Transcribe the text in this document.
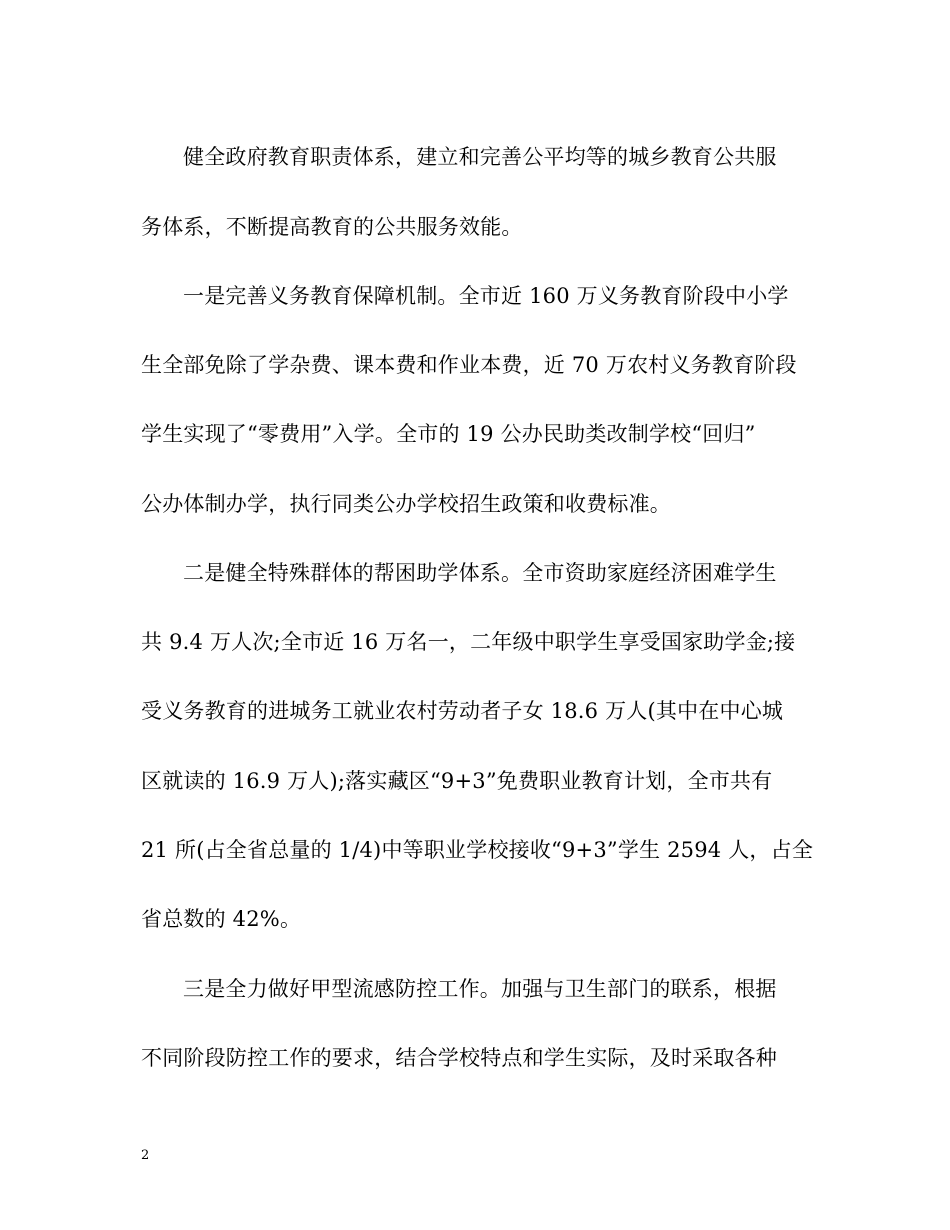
健全政府教育职责体系，建立和完善公平均等的城乡教育公共服
务体系，不断提高教育的公共服务效能。
一是完善义务教育保障机制。全市近 160 万义务教育阶段中小学
生全部免除了学杂费、课本费和作业本费，近 70 万农村义务教育阶段
学生实现了“零费用”入学。全市的 19 公办民助类改制学校“回归”
公办体制办学，执行同类公办学校招生政策和收费标准。
二是健全特殊群体的帮困助学体系。全市资助家庭经济困难学生
共 9.4 万人次;全市近 16 万名一，二年级中职学生享受国家助学金;接
受义务教育的进城务工就业农村劳动者子女 18.6 万人(其中在中心城
区就读的 16.9 万人);落实藏区“9+3”免费职业教育计划，全市共有
21 所(占全省总量的 1/4)中等职业学校接收“9+3”学生 2594 人，占全
省总数的 42%。
三是全力做好甲型流感防控工作。加强与卫生部门的联系，根据
不同阶段防控工作的要求，结合学校特点和学生实际，及时采取各种
2
